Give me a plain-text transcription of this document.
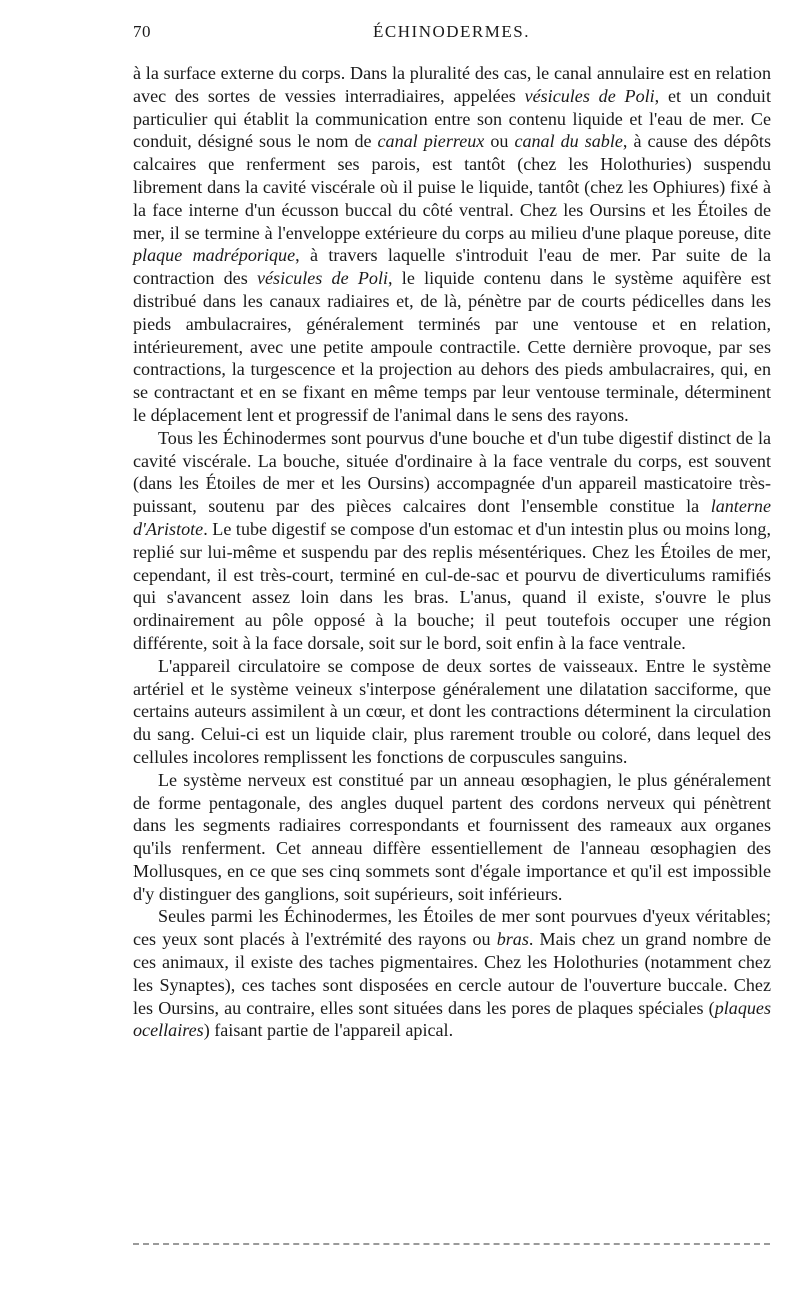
70	ÉCHINODERMES.

à la surface externe du corps. Dans la pluralité des cas, le canal annulaire est en relation avec des sortes de vessies interradiaires, appelées vésicules de Poli, et un conduit particulier qui établit la communication entre son contenu liquide et l'eau de mer. Ce conduit, désigné sous le nom de canal pierreux ou canal du sable, à cause des dépôts calcaires que renferment ses parois, est tantôt (chez les Holothuries) suspendu librement dans la cavité viscérale où il puise le liquide, tantôt (chez les Ophiures) fixé à la face interne d'un écusson buccal du côté ventral. Chez les Oursins et les Étoiles de mer, il se termine à l'enveloppe extérieure du corps au milieu d'une plaque poreuse, dite plaque madréporique, à travers laquelle s'introduit l'eau de mer. Par suite de la contraction des vésicules de Poli, le liquide contenu dans le système aquifère est distribué dans les canaux radiaires et, de là, pénètre par de courts pédicelles dans les pieds ambulacraires, généralement terminés par une ventouse et en relation, intérieurement, avec une petite ampoule contractile. Cette dernière provoque, par ses contractions, la turgescence et la projection au dehors des pieds ambulacraires, qui, en se contractant et en se fixant en même temps par leur ventouse terminale, déterminent le déplacement lent et progressif de l'animal dans le sens des rayons.

Tous les Échinodermes sont pourvus d'une bouche et d'un tube digestif distinct de la cavité viscérale. La bouche, située d'ordinaire à la face ventrale du corps, est souvent (dans les Étoiles de mer et les Oursins) accompagnée d'un appareil masticatoire très-puissant, soutenu par des pièces calcaires dont l'ensemble constitue la lanterne d'Aristote. Le tube digestif se compose d'un estomac et d'un intestin plus ou moins long, replié sur lui-même et suspendu par des replis mésentériques. Chez les Étoiles de mer, cependant, il est très-court, terminé en cul-de-sac et pourvu de diverticulums ramifiés qui s'avancent assez loin dans les bras. L'anus, quand il existe, s'ouvre le plus ordinairement au pôle opposé à la bouche; il peut toutefois occuper une région différente, soit à la face dorsale, soit sur le bord, soit enfin à la face ventrale.

L'appareil circulatoire se compose de deux sortes de vaisseaux. Entre le système artériel et le système veineux s'interpose généralement une dilatation sacciforme, que certains auteurs assimilent à un cœur, et dont les contractions déterminent la circulation du sang. Celui-ci est un liquide clair, plus rarement trouble ou coloré, dans lequel des cellules incolores remplissent les fonctions de corpuscules sanguins.

Le système nerveux est constitué par un anneau œsophagien, le plus généralement de forme pentagonale, des angles duquel partent des cordons nerveux qui pénètrent dans les segments radiaires correspondants et fournissent des rameaux aux organes qu'ils renferment. Cet anneau diffère essentiellement de l'anneau œsophagien des Mollusques, en ce que ses cinq sommets sont d'égale importance et qu'il est impossible d'y distinguer des ganglions, soit supérieurs, soit inférieurs.

Seules parmi les Échinodermes, les Étoiles de mer sont pourvues d'yeux véritables; ces yeux sont placés à l'extrémité des rayons ou bras. Mais chez un grand nombre de ces animaux, il existe des taches pigmentaires. Chez les Holothuries (notamment chez les Synaptes), ces taches sont disposées en cercle autour de l'ouverture buccale. Chez les Oursins, au contraire, elles sont situées dans les pores de plaques spéciales (plaques ocellaires) faisant partie de l'appareil apical.
